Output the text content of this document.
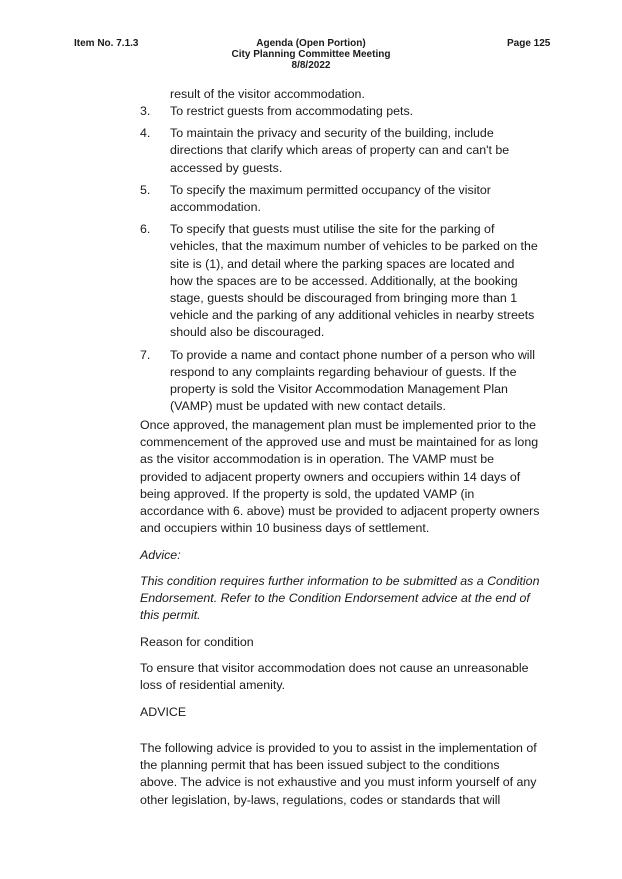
Item No. 7.1.3	Agenda (Open Portion)
City Planning Committee Meeting
8/8/2022
Page 125
result of the visitor accommodation.
3. To restrict guests from accommodating pets.
4. To maintain the privacy and security of the building, include directions that clarify which areas of property can and can't be accessed by guests.
5. To specify the maximum permitted occupancy of the visitor accommodation.
6. To specify that guests must utilise the site for the parking of vehicles, that the maximum number of vehicles to be parked on the site is (1), and detail where the parking spaces are located and how the spaces are to be accessed. Additionally, at the booking stage, guests should be discouraged from bringing more than 1 vehicle and the parking of any additional vehicles in nearby streets should also be discouraged.
7. To provide a name and contact phone number of a person who will respond to any complaints regarding behaviour of guests. If the property is sold the Visitor Accommodation Management Plan (VAMP) must be updated with new contact details.

Once approved, the management plan must be implemented prior to the commencement of the approved use and must be maintained for as long as the visitor accommodation is in operation. The VAMP must be provided to adjacent property owners and occupiers within 14 days of being approved. If the property is sold, the updated VAMP (in accordance with 6. above) must be provided to adjacent property owners and occupiers within 10 business days of settlement.

Advice:

This condition requires further information to be submitted as a Condition Endorsement. Refer to the Condition Endorsement advice at the end of this permit.

Reason for condition

To ensure that visitor accommodation does not cause an unreasonable loss of residential amenity.

ADVICE

The following advice is provided to you to assist in the implementation of the planning permit that has been issued subject to the conditions above. The advice is not exhaustive and you must inform yourself of any other legislation, by-laws, regulations, codes or standards that will
